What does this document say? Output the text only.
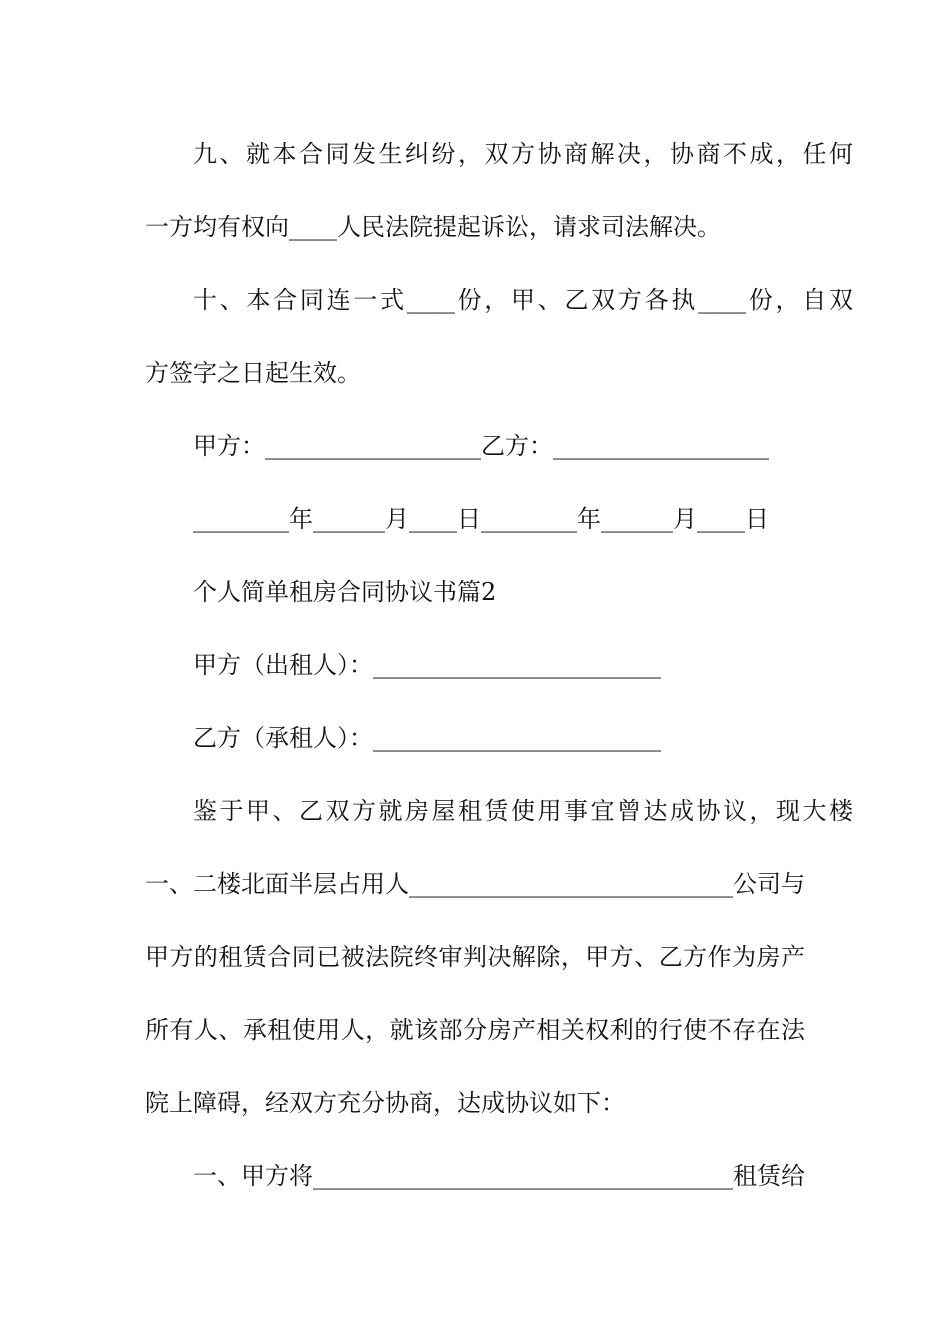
九、就本合同发生纠纷，双方协商解决，协商不成，任何
一方均有权向____人民法院提起诉讼，请求司法解决。
十、本合同连一式____份，甲、乙双方各执____份，自双
方签字之日起生效。
甲方：__________________乙方：__________________
________年______月____日________年______月____日
个人简单租房合同协议书篇2
甲方（出租人）：________________________
乙方（承租人）：________________________
鉴于甲、乙双方就房屋租赁使用事宜曾达成协议，现大楼
一、二楼北面半层占用人___________________________公司与
甲方的租赁合同已被法院终审判决解除，甲方、乙方作为房产
所有人、承租使用人，就该部分房产相关权利的行使不存在法
院上障碍，经双方充分协商，达成协议如下：
一、甲方将___________________________________租赁给
